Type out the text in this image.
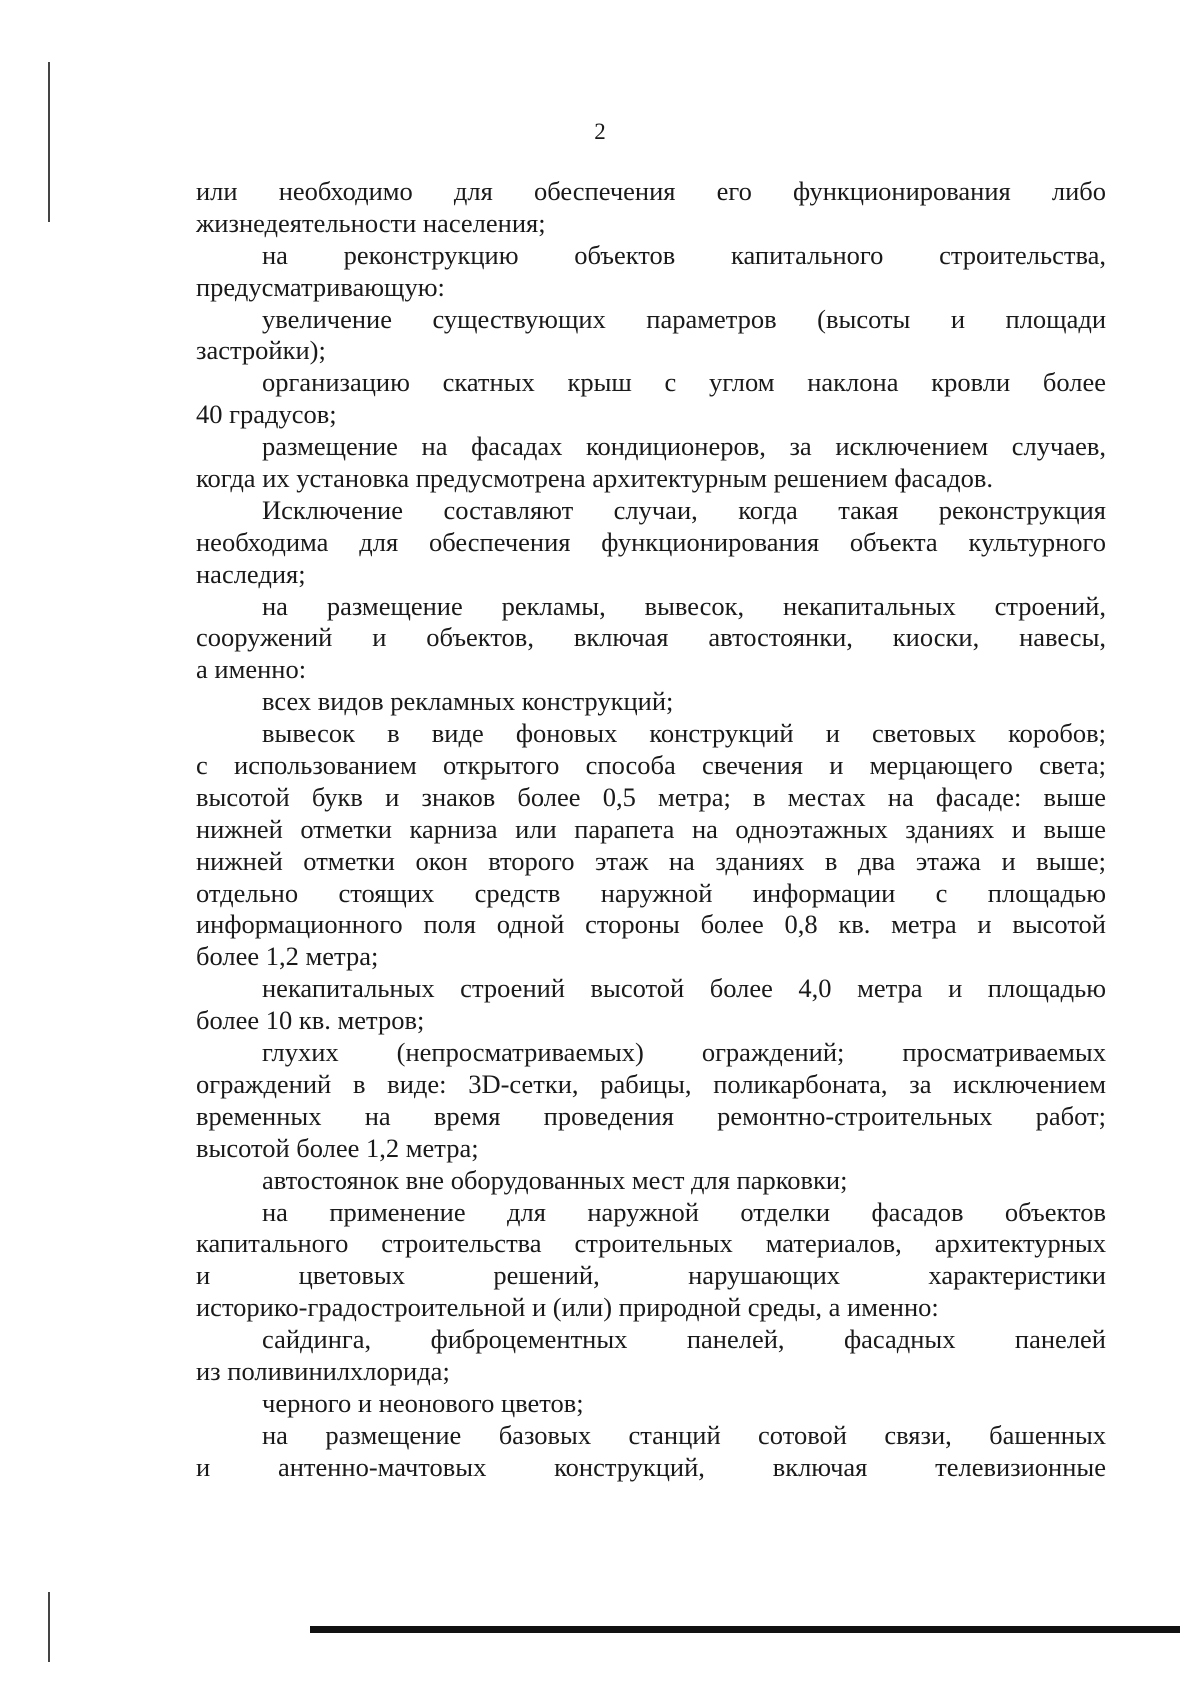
2
или необходимо для обеспечения его функционирования либо
жизнедеятельности населения;
на реконструкцию объектов капитального строительства,
предусматривающую:
увеличение существующих параметров (высоты и площади
застройки);
организацию скатных крыш с углом наклона кровли более
40 градусов;
размещение на фасадах кондиционеров, за исключением случаев,
когда их установка предусмотрена архитектурным решением фасадов.
Исключение составляют случаи, когда такая реконструкция
необходима для обеспечения функционирования объекта культурного
наследия;
на размещение рекламы, вывесок, некапитальных строений,
сооружений и объектов, включая автостоянки, киоски, навесы,
а именно:
всех видов рекламных конструкций;
вывесок в виде фоновых конструкций и световых коробов;
с использованием открытого способа свечения и мерцающего света;
высотой букв и знаков более 0,5 метра; в местах на фасаде: выше
нижней отметки карниза или парапета на одноэтажных зданиях и выше
нижней отметки окон второго этаж на зданиях в два этажа и выше;
отдельно стоящих средств наружной информации с площадью
информационного поля одной стороны более 0,8 кв. метра и высотой
более 1,2 метра;
некапитальных строений высотой более 4,0 метра и площадью
более 10 кв. метров;
глухих (непросматриваемых) ограждений; просматриваемых
ограждений в виде: 3D-сетки, рабицы, поликарбоната, за исключением
временных на время проведения ремонтно-строительных работ;
высотой более 1,2 метра;
автостоянок вне оборудованных мест для парковки;
на применение для наружной отделки фасадов объектов
капитального строительства строительных материалов, архитектурных
и цветовых решений, нарушающих характеристики
историко-градостроительной и (или) природной среды, а именно:
сайдинга, фиброцементных панелей, фасадных панелей
из поливинилхлорида;
черного и неонового цветов;
на размещение базовых станций сотовой связи, башенных
и антенно-мачтовых конструкций, включая телевизионные
